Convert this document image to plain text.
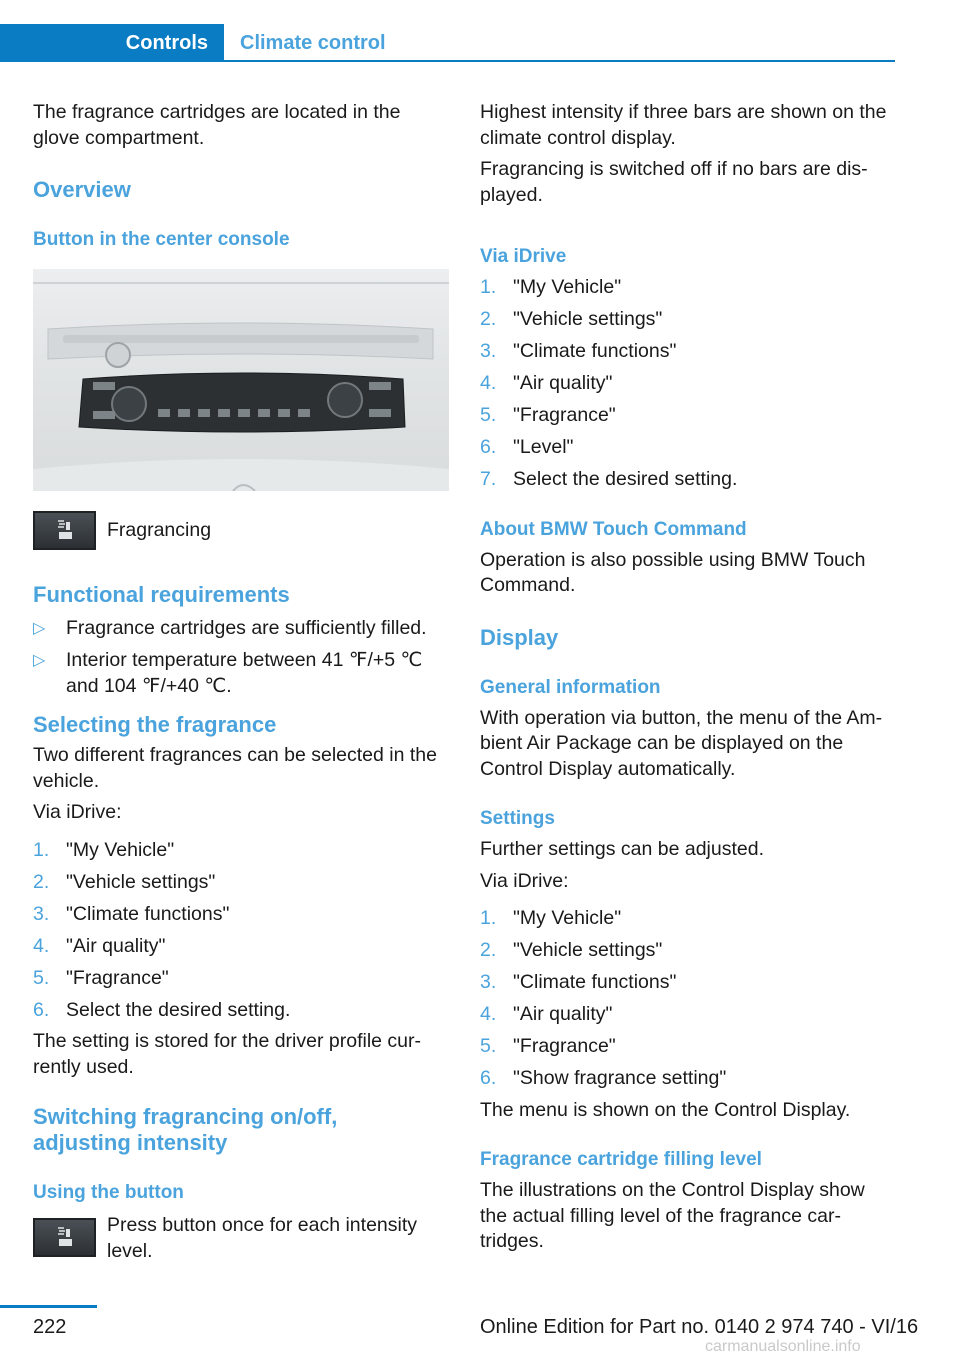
Controls	Climate control

The fragrance cartridges are located in the glove compartment.

Overview
Button in the center console

Fragrancing

Functional requirements
▷ Fragrance cartridges are sufficiently filled.
▷ Interior temperature between 41 ℉/+5 ℃ and 104 ℉/+40 ℃.
Selecting the fragrance

Two different fragrances can be selected in the vehicle.

Via iDrive:

1. "My Vehicle"
2. "Vehicle settings"
3. "Climate functions"
4. "Air quality"
5. "Fragrance"
6. Select the desired setting.

The setting is stored for the driver profile currently used.

Switching fragrancing on/off,
adjusting intensity
Using the button

Press button once for each intensity level.

Highest intensity if three bars are shown on the climate control display.

Fragrancing is switched off if no bars are displayed.

Via iDrive
1. "My Vehicle"
2. "Vehicle settings"
3. "Climate functions"
4. "Air quality"
5. "Fragrance"
6. "Level"
7. Select the desired setting.
About BMW Touch Command

Operation is also possible using BMW Touch Command.

Display
General information

With operation via button, the menu of the Ambient Air Package can be displayed on the Control Display automatically.

Settings

Further settings can be adjusted.

Via iDrive:

1. "My Vehicle"
2. "Vehicle settings"
3. "Climate functions"
4. "Air quality"
5. "Fragrance"
6. "Show fragrance setting"

The menu is shown on the Control Display.

Fragrance cartridge filling level

The illustrations on the Control Display show the actual filling level of the fragrance cartridges.

222	Online Edition for Part no. 0140 2 974 740 - VI/16
carmanualsonline.info
